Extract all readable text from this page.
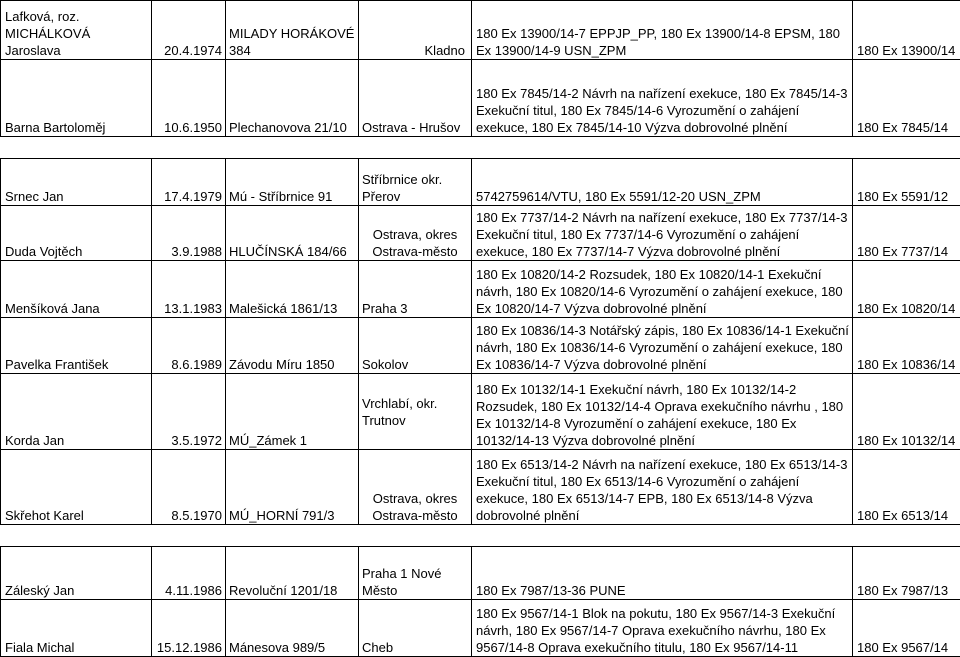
Lafková, roz. MICHÁLKOVÁ Jaroslava	20.4.1974	MILADY HORÁKOVÉ 384	Kladno	180 Ex 13900/14-7 EPPJP_PP, 180 Ex 13900/14-8 EPSM, 180 Ex 13900/14-9 USN_ZPM	180 Ex 13900/14
Barna Bartoloměj	10.6.1950	Plechanovova 21/10	Ostrava - Hrušov	180 Ex 7845/14-2 Návrh na nařízení exekuce, 180 Ex 7845/14-3 Exekuční titul, 180 Ex 7845/14-6 Vyrozumění o zahájení exekuce, 180 Ex 7845/14-10 Výzva dobrovolné plnění	180 Ex 7845/14

Srnec Jan	17.4.1979	Mú - Stříbrnice 91	Stříbrnice okr. Přerov	5742759614/VTU, 180 Ex 5591/12-20 USN_ZPM	180 Ex 5591/12
Duda Vojtěch	3.9.1988	HLUČÍNSKÁ 184/66	Ostrava, okres Ostrava-město	180 Ex 7737/14-2 Návrh na nařízení exekuce, 180 Ex 7737/14-3 Exekuční titul, 180 Ex 7737/14-6 Vyrozumění o zahájení exekuce, 180 Ex 7737/14-7 Výzva dobrovolné plnění	180 Ex 7737/14
Menšíková Jana	13.1.1983	Malešická 1861/13	Praha 3	180 Ex 10820/14-2 Rozsudek, 180 Ex 10820/14-1 Exekuční návrh, 180 Ex 10820/14-6 Vyrozumění o zahájení exekuce, 180 Ex 10820/14-7 Výzva dobrovolné plnění	180 Ex 10820/14
Pavelka František	8.6.1989	Závodu Míru 1850	Sokolov	180 Ex 10836/14-3 Notářský zápis, 180 Ex 10836/14-1 Exekuční návrh, 180 Ex 10836/14-6 Vyrozumění o zahájení exekuce, 180 Ex 10836/14-7 Výzva dobrovolné plnění	180 Ex 10836/14
Korda Jan	3.5.1972	MÚ_Zámek 1	Vrchlabí, okr. Trutnov	180 Ex 10132/14-1 Exekuční návrh, 180 Ex 10132/14-2 Rozsudek, 180 Ex 10132/14-4 Oprava exekučního návrhu , 180 Ex 10132/14-8 Vyrozumění o zahájení exekuce, 180 Ex 10132/14-13 Výzva dobrovolné plnění	180 Ex 10132/14
Skřehot Karel	8.5.1970	MÚ_HORNÍ 791/3	Ostrava, okres Ostrava-město	180 Ex 6513/14-2 Návrh na nařízení exekuce, 180 Ex 6513/14-3 Exekuční titul, 180 Ex 6513/14-6 Vyrozumění o zahájení exekuce, 180 Ex 6513/14-7 EPB, 180 Ex 6513/14-8 Výzva dobrovolné plnění	180 Ex 6513/14

Záleský Jan	4.11.1986	Revoluční 1201/18	Praha 1 Nové Město	180 Ex 7987/13-36 PUNE	180 Ex 7987/13
Fiala Michal	15.12.1986	Mánesova 989/5	Cheb	180 Ex 9567/14-1 Blok na pokutu, 180 Ex 9567/14-3 Exekuční návrh, 180 Ex 9567/14-7 Oprava exekučního návrhu, 180 Ex 9567/14-8 Oprava exekučního titulu, 180 Ex 9567/14-11	180 Ex 9567/14
